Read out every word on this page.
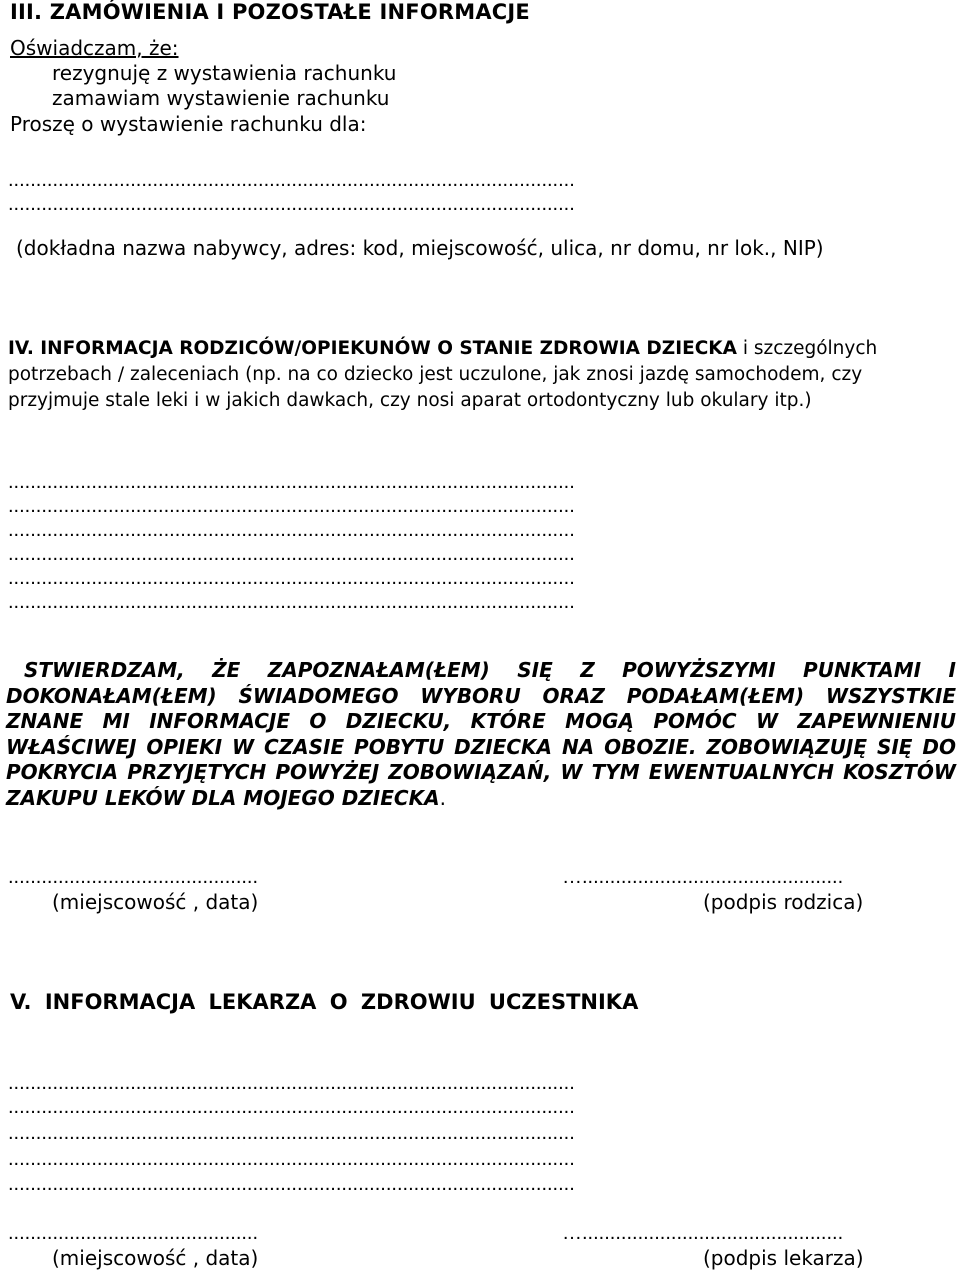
III. ZAMÓWIENIA I POZOSTAŁE INFORMACJE
Oświadczam, że:
rezygnuję z wystawienia rachunku
zamawiam wystawienie rachunku
Proszę o wystawienie rachunku dla:
......................................................................................................
......................................................................................................
(dokładna nazwa nabywcy, adres: kod, miejscowość, ulica, nr domu, nr lok., NIP)
IV. INFORMACJA RODZICÓW/OPIEKUNÓW O STANIE ZDROWIA DZIECKA i szczególnych potrzebach / zaleceniach (np. na co dziecko jest uczulone, jak znosi jazdę samochodem, czy przyjmuje stale leki i w jakich dawkach, czy nosi aparat ortodontyczny lub okulary itp.)
......................................................................................................
......................................................................................................
......................................................................................................
......................................................................................................
......................................................................................................
......................................................................................................
STWIERDZAM, ŻE ZAPOZNAŁAM(ŁEM) SIĘ Z POWYŻSZYMI PUNKTAMI I DOKONAŁAM(ŁEM) ŚWIADOMEGO WYBORU ORAZ PODAŁAM(ŁEM) WSZYSTKIE ZNANE MI INFORMACJE O DZIECKU, KTÓRE MOGĄ POMÓC W ZAPEWNIENIU WŁAŚCIWEJ OPIEKI W CZASIE POBYTU DZIECKA NA OBOZIE. ZOBOWIĄZUJĘ SIĘ DO POKRYCIA PRZYJĘTYCH POWYŻEJ ZOBOWIĄZAŃ, W TYM EWENTUALNYCH KOSZTÓW ZAKUPU LEKÓW DLA MOJEGO DZIECKA.
.............................................	…...............................................
(miejscowość , data)	(podpis rodzica)
V. INFORMACJA LEKARZA O ZDROWIU UCZESTNIKA
......................................................................................................
......................................................................................................
......................................................................................................
......................................................................................................
......................................................................................................
.............................................	…...............................................
(miejscowość , data)	(podpis lekarza)
